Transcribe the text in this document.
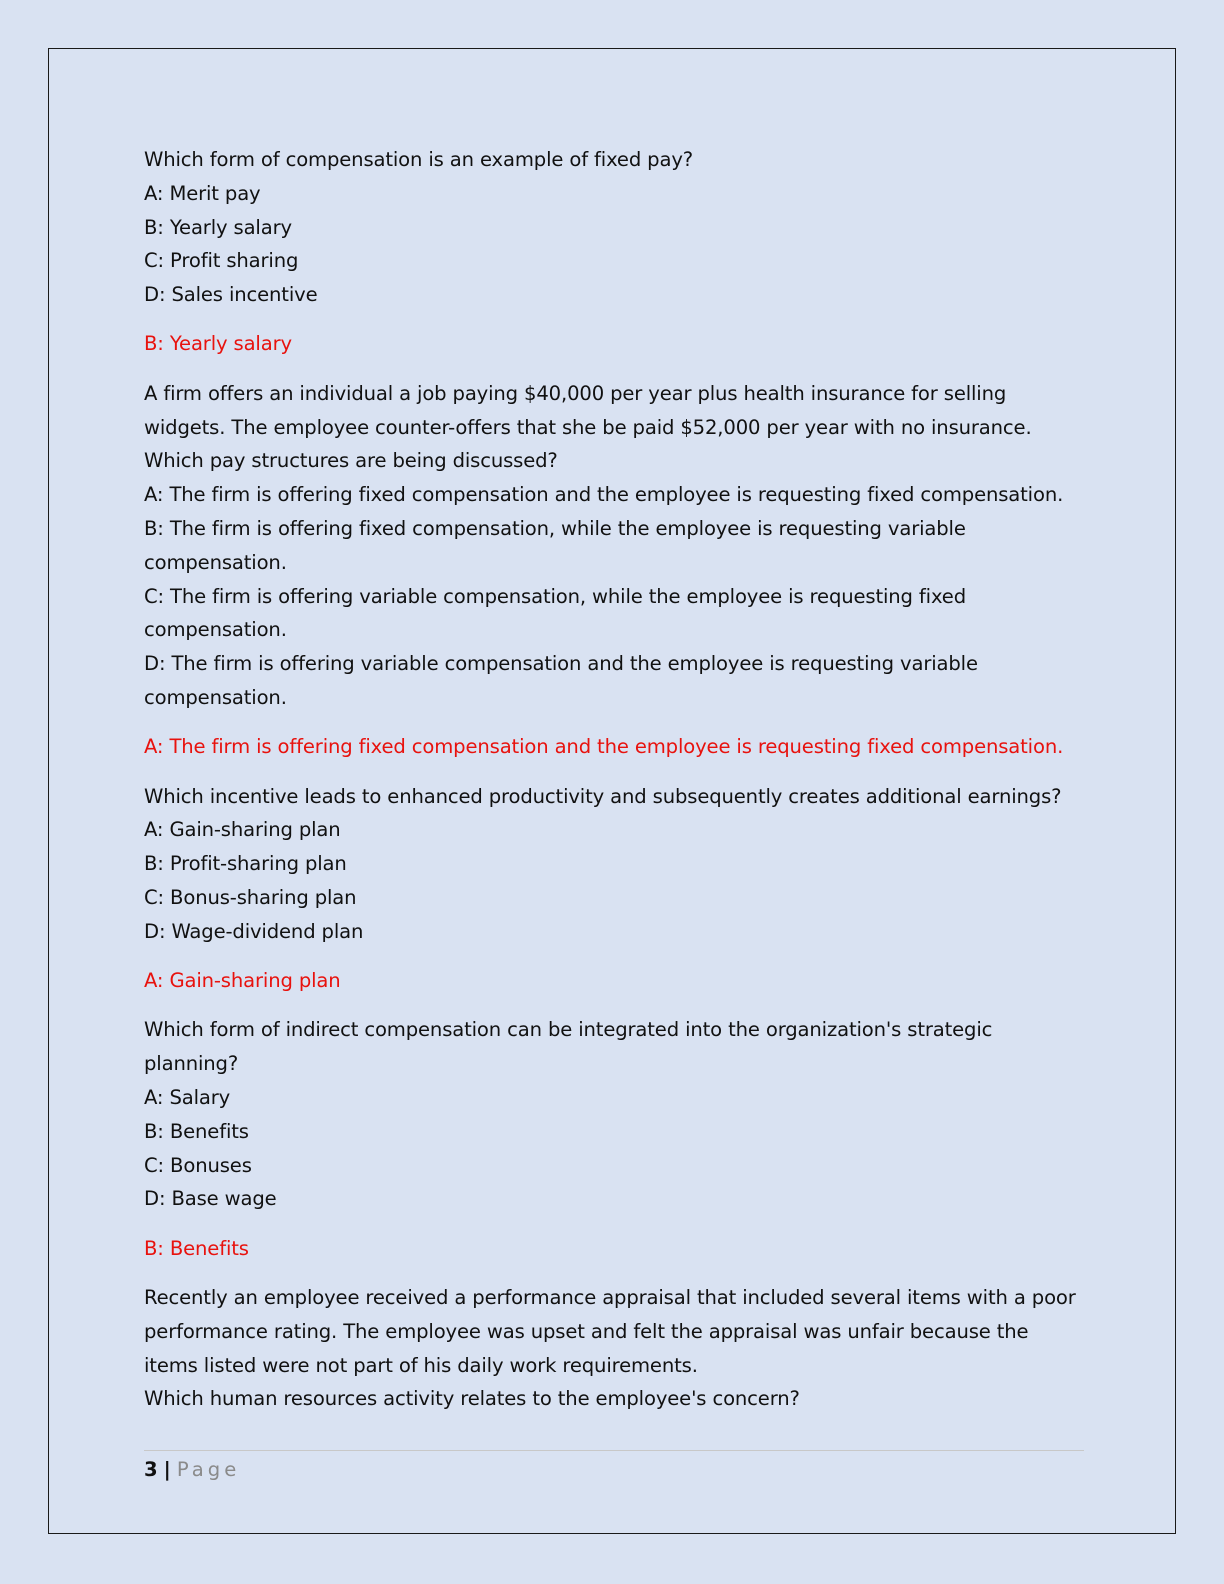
Which form of compensation is an example of fixed pay?
A: Merit pay
B: Yearly salary
C: Profit sharing
D: Sales incentive
B: Yearly salary
A firm offers an individual a job paying $40,000 per year plus health insurance for selling
widgets. The employee counter-offers that she be paid $52,000 per year with no insurance.
Which pay structures are being discussed?
A: The firm is offering fixed compensation and the employee is requesting fixed compensation.
B: The firm is offering fixed compensation, while the employee is requesting variable
compensation.
C: The firm is offering variable compensation, while the employee is requesting fixed
compensation.
D: The firm is offering variable compensation and the employee is requesting variable
compensation.
A: The firm is offering fixed compensation and the employee is requesting fixed compensation.
Which incentive leads to enhanced productivity and subsequently creates additional earnings?
A: Gain-sharing plan
B: Profit-sharing plan
C: Bonus-sharing plan
D: Wage-dividend plan
A: Gain-sharing plan
Which form of indirect compensation can be integrated into the organization's strategic
planning?
A: Salary
B: Benefits
C: Bonuses
D: Base wage
B: Benefits
Recently an employee received a performance appraisal that included several items with a poor
performance rating. The employee was upset and felt the appraisal was unfair because the
items listed were not part of his daily work requirements.
Which human resources activity relates to the employee's concern?
3 | Page
